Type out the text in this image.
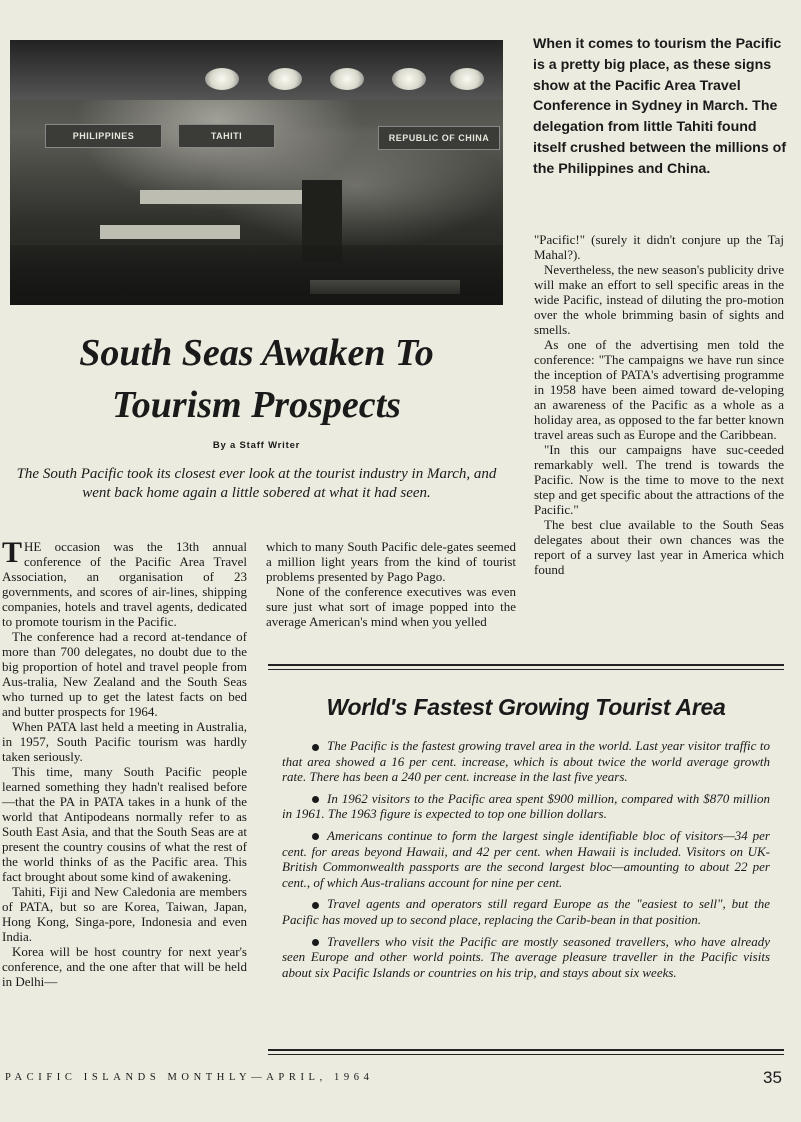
PHILIPPINES	TAHITI	REPUBLIC OF CHINA

When it comes to tourism the Pacific is a pretty big place, as these signs show at the Pacific Area Travel Conference in Sydney in March. The delegation from little Tahiti found itself crushed between the millions of the Philippines and China.

South Seas Awaken To
Tourism Prospects
By a Staff Writer

The South Pacific took its closest ever look at the tourist industry in March, and went back home again a little sobered at what it had seen.

THE occasion was the 13th annual conference of the Pacific Area Travel Association, an organisation of 23 governments, and scores of air-lines, shipping companies, hotels and travel agents, dedicated to promote tourism in the Pacific.

The conference had a record at-tendance of more than 700 delegates, no doubt due to the big proportion of hotel and travel people from Aus-tralia, New Zealand and the South Seas who turned up to get the latest facts on bed and butter prospects for 1964.

When PATA last held a meeting in Australia, in 1957, South Pacific tourism was hardly taken seriously.

This time, many South Pacific people learned something they hadn't realised before—that the PA in PATA takes in a hunk of the world that Antipodeans normally refer to as South East Asia, and that the South Seas are at present the country cousins of what the rest of the world thinks of as the Pacific area. This fact brought about some kind of awakening.

Tahiti, Fiji and New Caledonia are members of PATA, but so are Korea, Taiwan, Japan, Hong Kong, Singa-pore, Indonesia and even India.

Korea will be host country for next year's conference, and the one after that will be held in Delhi—

which to many South Pacific dele-gates seemed a million light years from the kind of tourist problems presented by Pago Pago.

None of the conference executives was even sure just what sort of image popped into the average American's mind when you yelled

"Pacific!" (surely it didn't conjure up the Taj Mahal?).

Nevertheless, the new season's publicity drive will make an effort to sell specific areas in the wide Pacific, instead of diluting the pro-motion over the whole brimming basin of sights and smells.

As one of the advertising men told the conference: "The campaigns we have run since the inception of PATA's advertising programme in 1958 have been aimed toward de-veloping an awareness of the Pacific as a whole as a holiday area, as opposed to the far better known travel areas such as Europe and the Caribbean.

"In this our campaigns have suc-ceeded remarkably well. The trend is towards the Pacific. Now is the time to move to the next step and get specific about the attractions of the Pacific."

The best clue available to the South Seas delegates about their own chances was the report of a survey last year in America which found

World's Fastest Growing Tourist Area
The Pacific is the fastest growing travel area in the world. Last year visitor traffic to that area showed a 16 per cent. increase, which is about twice the world average growth rate. There has been a 240 per cent. increase in the last five years.
In 1962 visitors to the Pacific area spent $900 million, compared with $870 million in 1961. The 1963 figure is expected to top one billion dollars.
Americans continue to form the largest single identifiable bloc of visitors—34 per cent. for areas beyond Hawaii, and 42 per cent. when Hawaii is included. Visitors on UK-British Commonwealth passports are the second largest bloc—amounting to about 22 per cent., of which Aus-tralians account for nine per cent.
Travel agents and operators still regard Europe as the "easiest to sell", but the Pacific has moved up to second place, replacing the Carib-bean in that position.
Travellers who visit the Pacific are mostly seasoned travellers, who have already seen Europe and other world points. The average pleasure traveller in the Pacific visits about six Pacific Islands or countries on his trip, and stays about six weeks.
PACIFIC ISLANDS MONTHLY—APRIL, 1964	35
